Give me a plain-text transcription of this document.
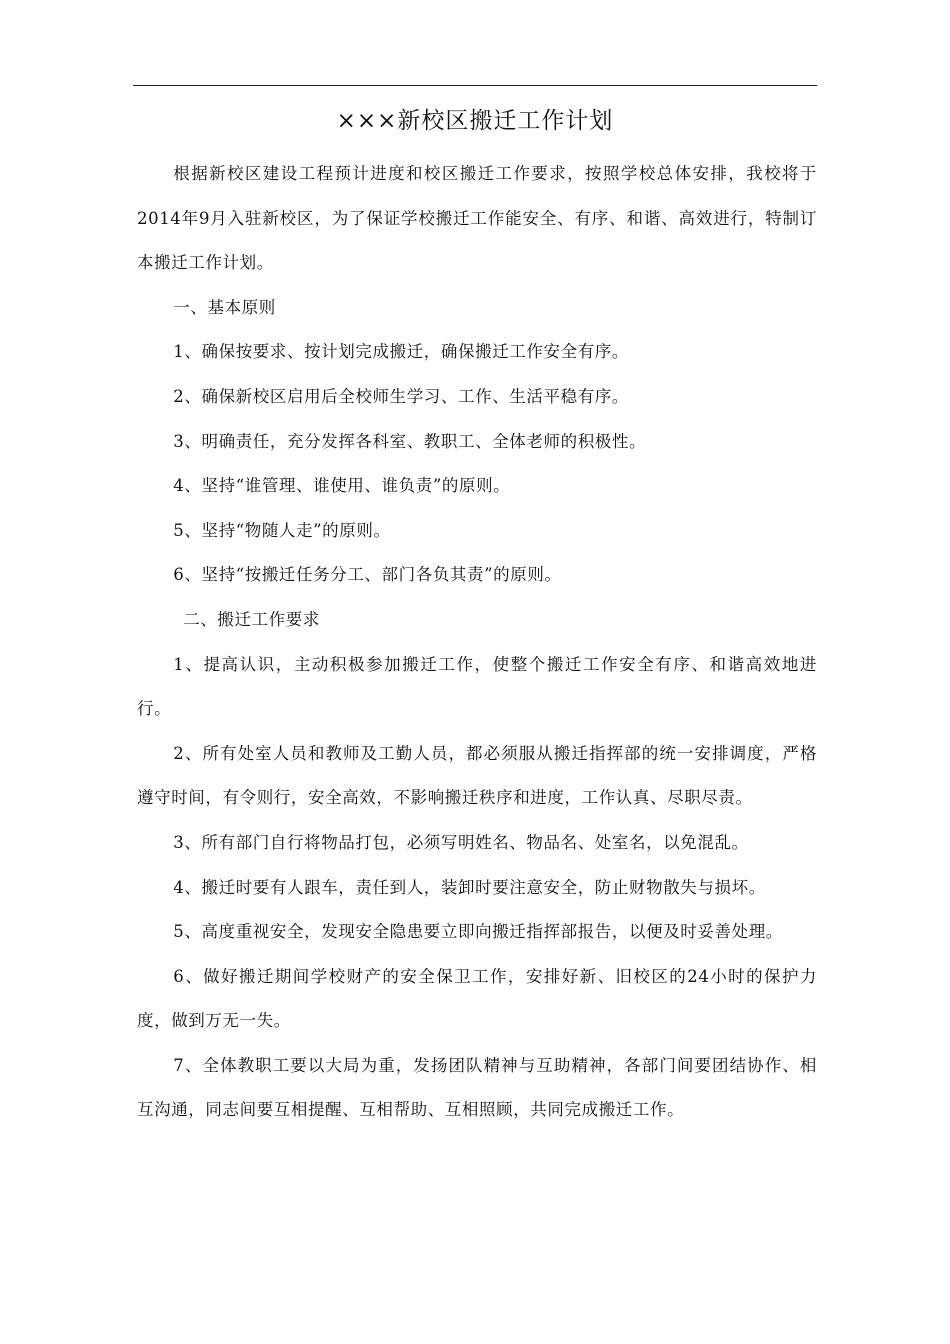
×××新校区搬迁工作计划

根据新校区建设工程预计进度和校区搬迁工作要求，按照学校总体安排，我校将于2014年9月入驻新校区，为了保证学校搬迁工作能安全、有序、和谐、高效进行，特制订本搬迁工作计划。

一、基本原则

1、确保按要求、按计划完成搬迁，确保搬迁工作安全有序。

2、确保新校区启用后全校师生学习、工作、生活平稳有序。

3、明确责任，充分发挥各科室、教职工、全体老师的积极性。

4、坚持“谁管理、谁使用、谁负责”的原则。

5、坚持“物随人走”的原则。

6、坚持“按搬迁任务分工、部门各负其责”的原则。

二、搬迁工作要求

1、提高认识，主动积极参加搬迁工作，使整个搬迁工作安全有序、和谐高效地进行。

2、所有处室人员和教师及工勤人员，都必须服从搬迁指挥部的统一安排调度，严格遵守时间，有令则行，安全高效，不影响搬迁秩序和进度，工作认真、尽职尽责。

3、所有部门自行将物品打包，必须写明姓名、物品名、处室名，以免混乱。

4、搬迁时要有人跟车，责任到人，装卸时要注意安全，防止财物散失与损坏。

5、高度重视安全，发现安全隐患要立即向搬迁指挥部报告，以便及时妥善处理。

6、做好搬迁期间学校财产的安全保卫工作，安排好新、旧校区的24小时的保护力度，做到万无一失。

7、全体教职工要以大局为重，发扬团队精神与互助精神，各部门间要团结协作、相互沟通，同志间要互相提醒、互相帮助、互相照顾，共同完成搬迁工作。
